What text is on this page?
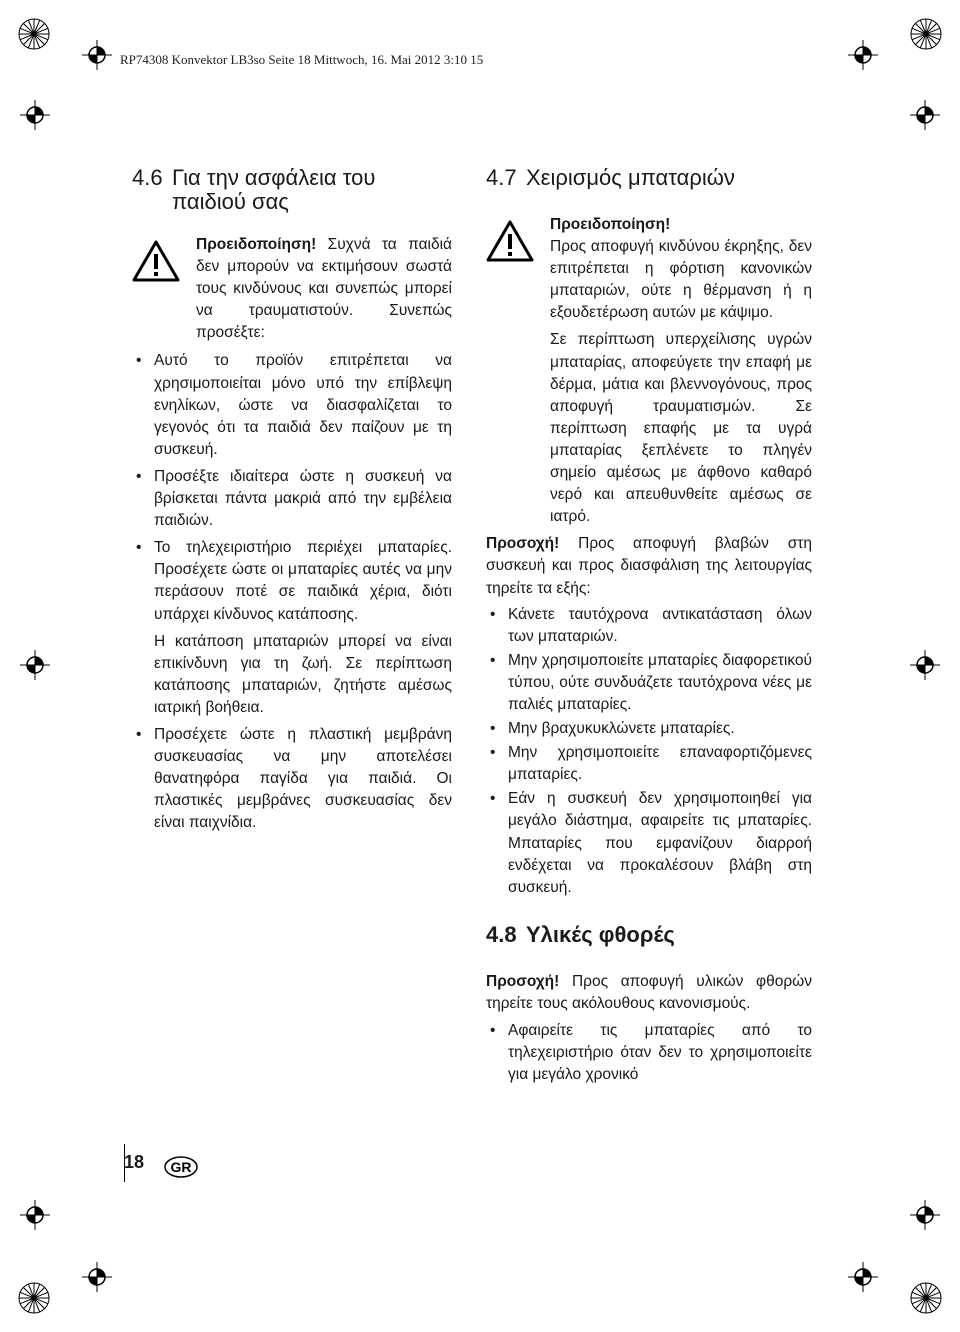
RP74308 Konvektor LB3so Seite 18 Mittwoch, 16. Mai 2012 3:10 15
4.6 Για την ασφάλεια του
παιδιού σας
Προειδοποίηση! Συχνά τα παιδιά δεν μπορούν να εκτιμήσουν σωστά τους κινδύνους και συνεπώς μπορεί να τραυματιστούν. Συνεπώς προσέξτε:
• Αυτό το προϊόν επιτρέπεται να χρησιμοποιείται μόνο υπό την επίβλεψη ενηλίκων, ώστε να διασφαλίζεται το γεγονός ότι τα παιδιά δεν παίζουν με τη συσκευή.
• Προσέξτε ιδιαίτερα ώστε η συσκευή να βρίσκεται πάντα μακριά από την εμβέλεια παιδιών.
• Το τηλεχειριστήριο περιέχει μπαταρίες. Προσέχετε ώστε οι μπαταρίες αυτές να μην περάσουν ποτέ σε παιδικά χέρια, διότι υπάρχει κίνδυνος κατάποσης.
Η κατάποση μπαταριών μπορεί να είναι επικίνδυνη για τη ζωή. Σε περίπτωση κατάποσης μπαταριών, ζητήστε αμέσως ιατρική βοήθεια.
• Προσέχετε ώστε η πλαστική μεμβράνη συσκευασίας να μην αποτελέσει θανατηφόρα παγίδα για παιδιά. Οι πλαστικές μεμβράνες συσκευασίας δεν είναι παιχνίδια.
4.7 Χειρισμός μπαταριών
Προειδοποίηση!
Προς αποφυγή κινδύνου έκρηξης, δεν επιτρέπεται η φόρτιση κανονικών μπαταριών, ούτε η θέρμανση ή η εξουδετέρωση αυτών με κάψιμο.
Σε περίπτωση υπερχείλισης υγρών μπαταρίας, αποφεύγετε την επαφή με δέρμα, μάτια και βλεννογόνους, προς αποφυγή τραυματισμών. Σε περίπτωση επαφής με τα υγρά μπαταρίας ξεπλένετε το πληγέν σημείο αμέσως με άφθονο καθαρό νερό και απευθυνθείτε αμέσως σε ιατρό.
Προσοχή! Προς αποφυγή βλαβών στη συσκευή και προς διασφάλιση της λειτουργίας τηρείτε τα εξής:
• Κάνετε ταυτόχρονα αντικατάσταση όλων των μπαταριών.
• Μην χρησιμοποιείτε μπαταρίες διαφορετικού τύπου, ούτε συνδυάζετε ταυτόχρονα νέες με παλιές μπαταρίες.
• Μην βραχυκυκλώνετε μπαταρίες.
• Μην χρησιμοποιείτε επαναφορτιζόμενες μπαταρίες.
• Εάν η συσκευή δεν χρησιμοποιηθεί για μεγάλο διάστημα, αφαιρείτε τις μπαταρίες. Μπαταρίες που εμφανίζουν διαρροή ενδέχεται να προκαλέσουν βλάβη στη συσκευή.
4.8 Υλικές φθορές
Προσοχή! Προς αποφυγή υλικών φθορών τηρείτε τους ακόλουθους κανονισμούς.
• Αφαιρείτε τις μπαταρίες από το τηλεχειριστήριο όταν δεν το χρησιμοποιείτε για μεγάλο χρονικό
18 GR
